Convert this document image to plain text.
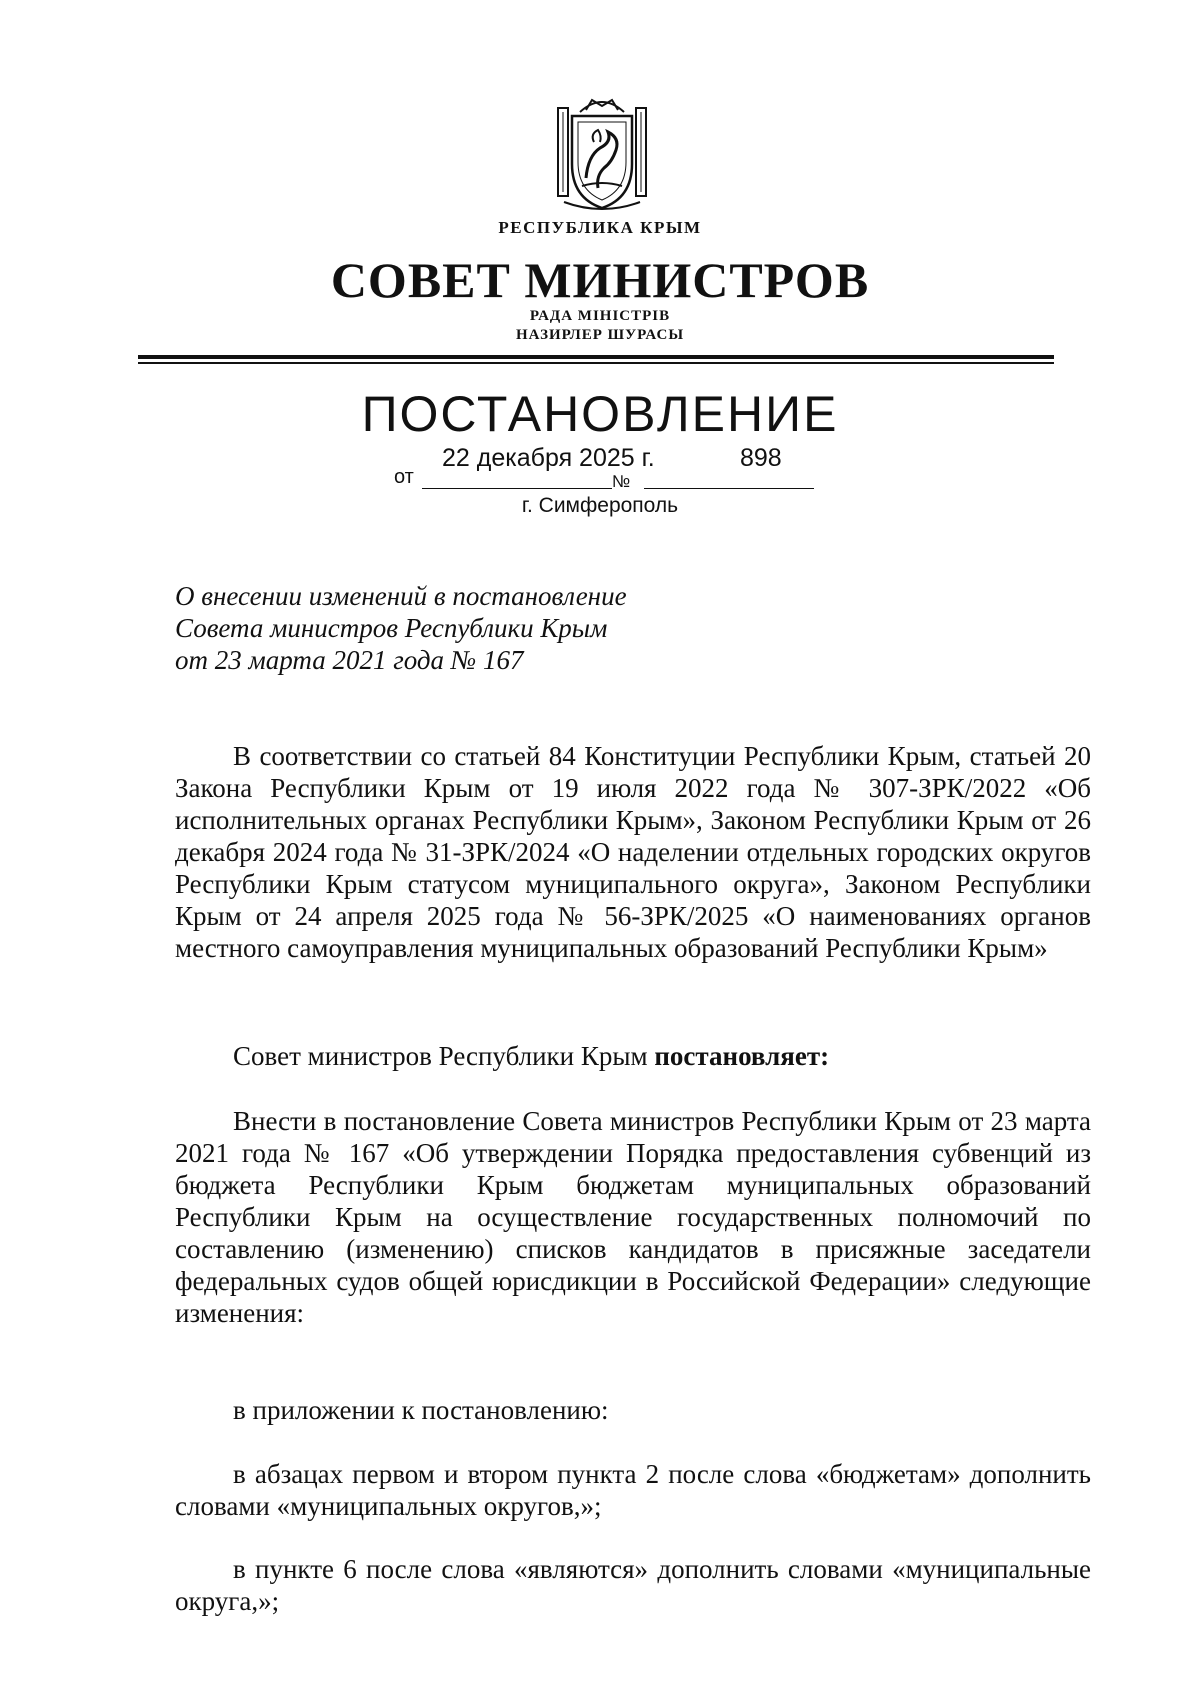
РЕСПУБЛИКА КРЫМ
СОВЕТ МИНИСТРОВ
РАДА МІНІСТРІВ
НАЗИРЛЕР ШУРАСЫ
ПОСТАНОВЛЕНИЕ
от
22 декабря 2025 г.
№
898
г. Симферополь
О внесении изменений в постановление
Совета министров Республики Крым
от 23 марта 2021 года № 167

В соответствии со статьей 84 Конституции Республики Крым, статьей 20 Закона Республики Крым от 19 июля 2022 года № 307-ЗРК/2022 «Об исполнительных органах Республики Крым», Законом Республики Крым от 26 декабря 2024 года № 31-ЗРК/2024 «О наделении отдельных городских округов Республики Крым статусом муниципального округа», Законом Республики Крым от 24 апреля 2025 года № 56-ЗРК/2025 «О наименованиях органов местного самоуправления муниципальных образований Республики Крым»

Совет министров Республики Крым постановляет:

Внести в постановление Совета министров Республики Крым от 23 марта 2021 года № 167 «Об утверждении Порядка предоставления субвенций из бюджета Республики Крым бюджетам муниципальных образований Республики Крым на осуществление государственных полномочий по составлению (изменению) списков кандидатов в присяжные заседатели федеральных судов общей юрисдикции в Российской Федерации» следующие изменения:

в приложении к постановлению:

в абзацах первом и втором пункта 2 после слова «бюджетам» дополнить словами «муниципальных округов,»;

в пункте 6 после слова «являются» дополнить словами «муниципальные округа,»;
